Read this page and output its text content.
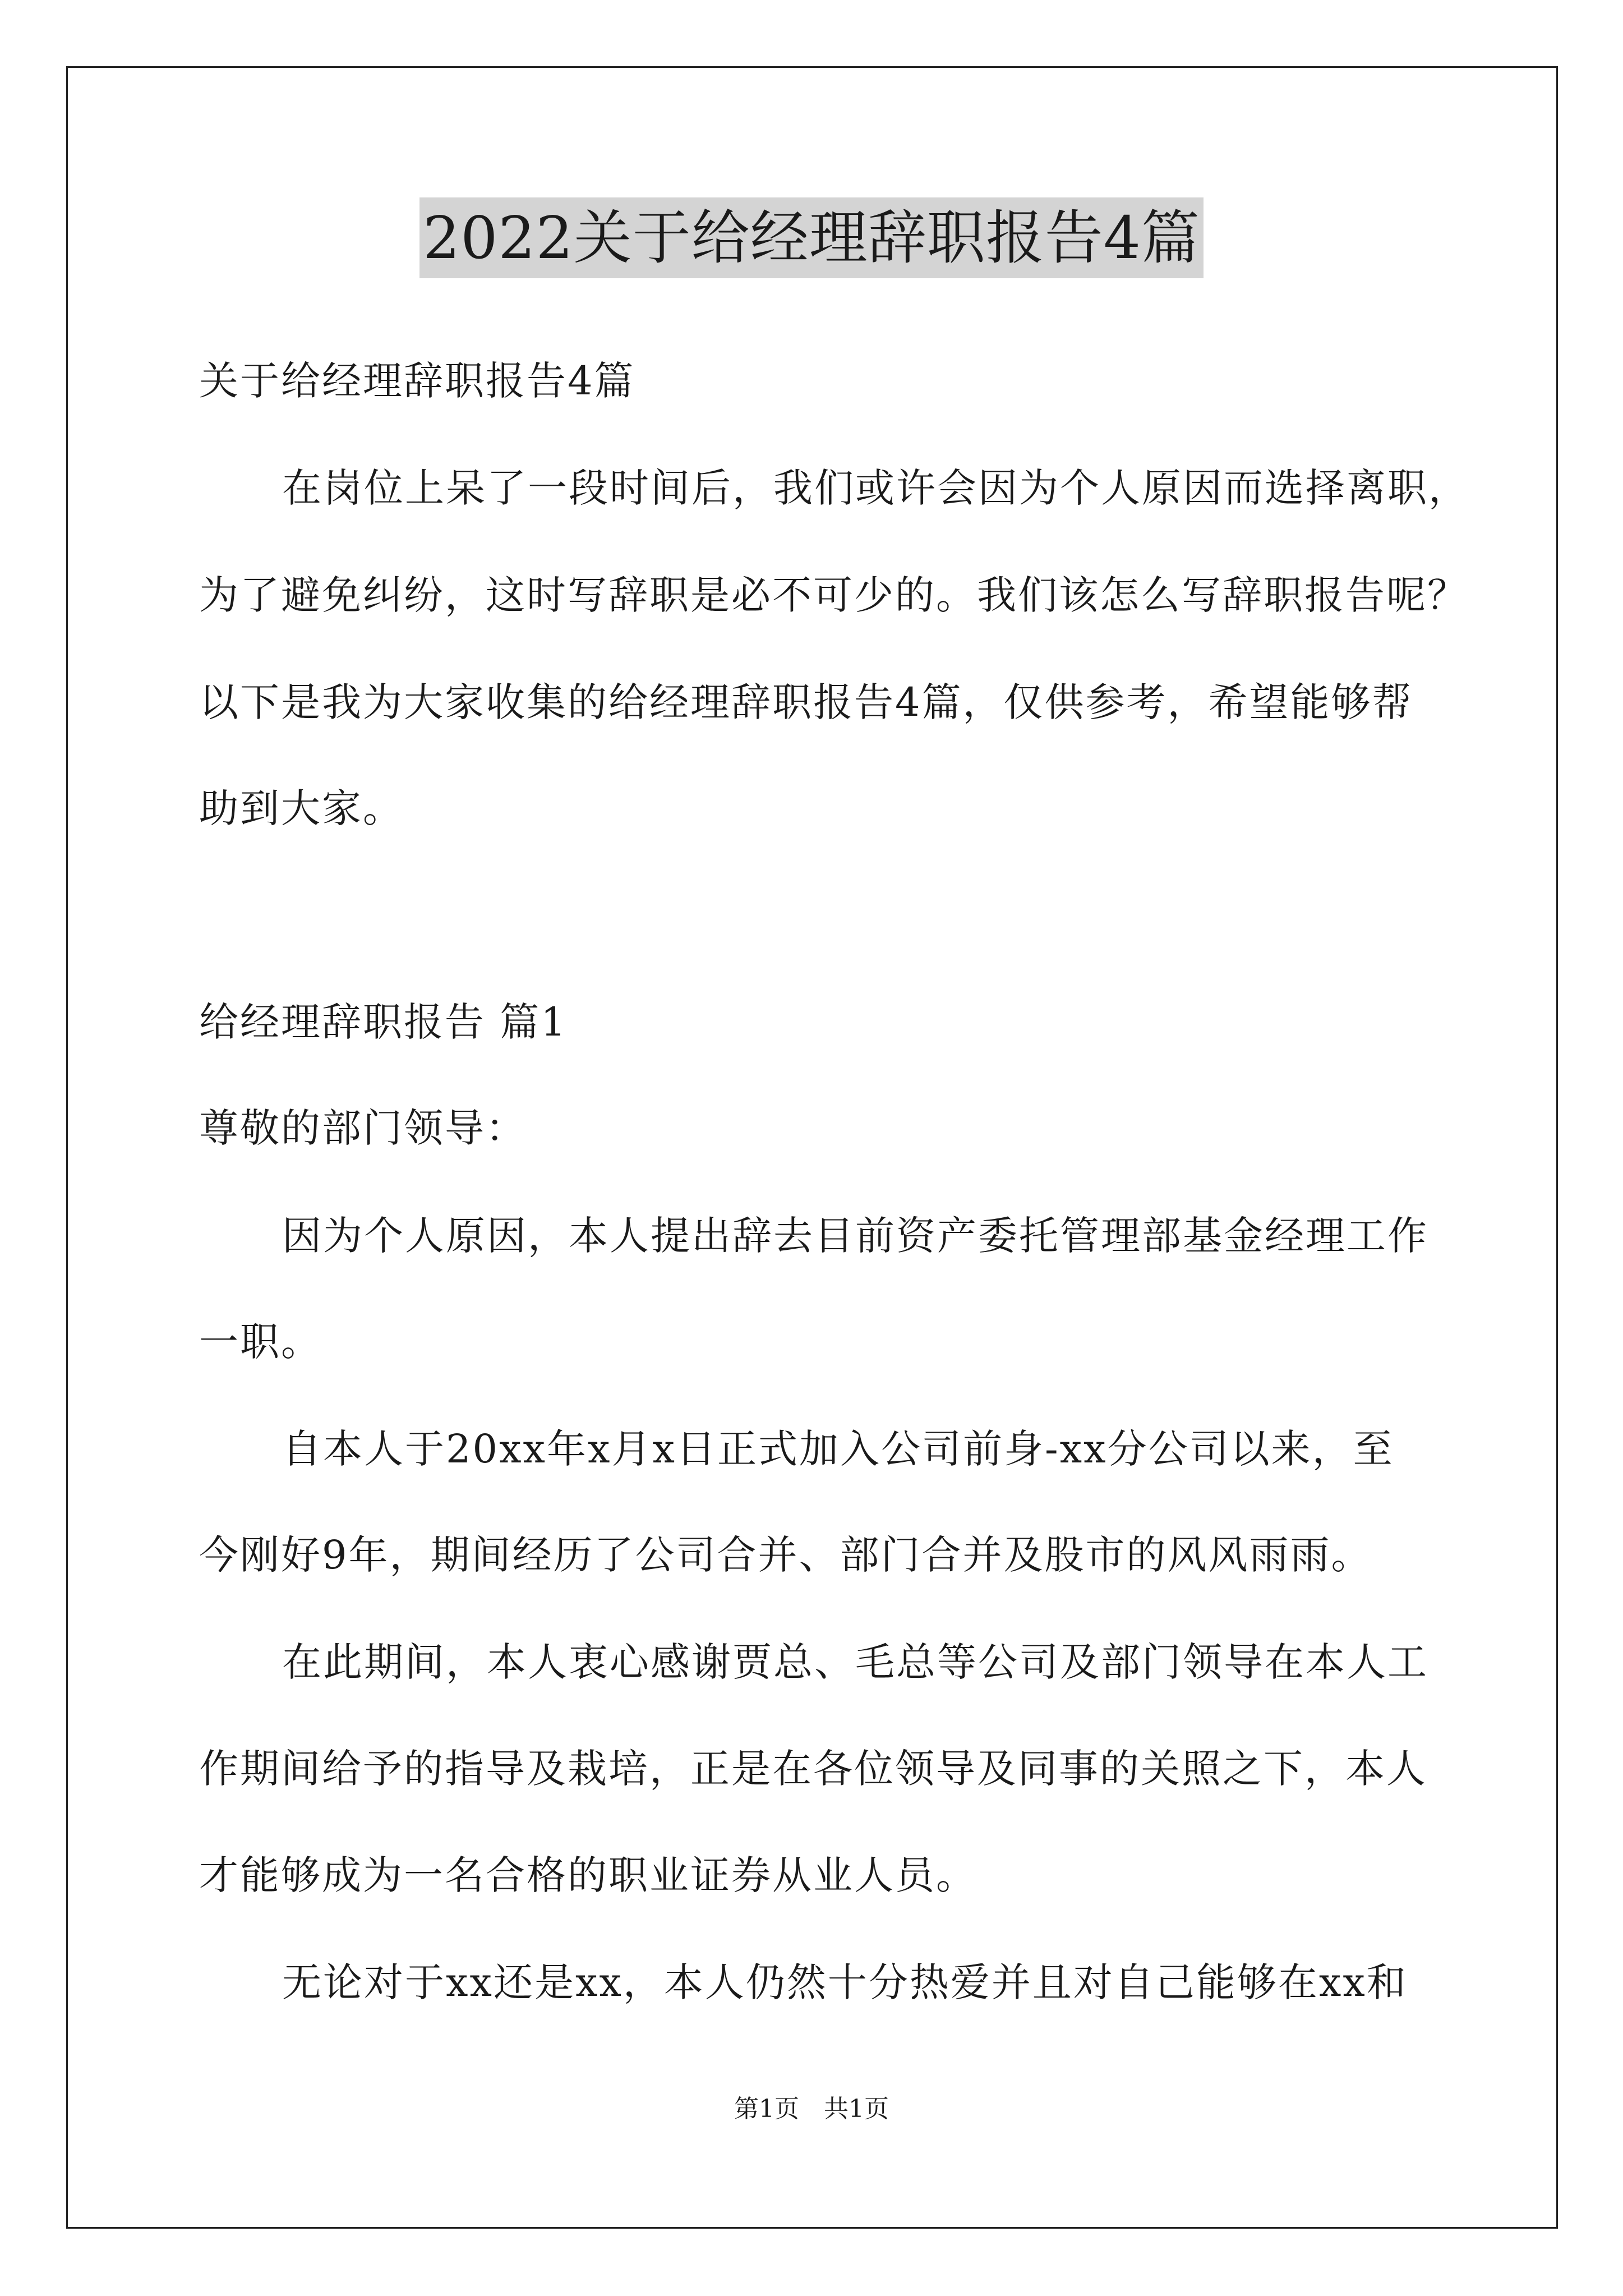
2022关于给经理辞职报告4篇
关于给经理辞职报告4篇
在岗位上呆了一段时间后，我们或许会因为个人原因而选择离职，
为了避免纠纷，这时写辞职是必不可少的。我们该怎么写辞职报告呢？
以下是我为大家收集的给经理辞职报告4篇，仅供参考，希望能够帮
助到大家。
给经理辞职报告 篇1
尊敬的部门领导：
因为个人原因，本人提出辞去目前资产委托管理部基金经理工作
一职。
自本人于20xx年x月x日正式加入公司前身-xx分公司以来，至
今刚好9年，期间经历了公司合并、部门合并及股市的风风雨雨。
在此期间，本人衷心感谢贾总、毛总等公司及部门领导在本人工
作期间给予的指导及栽培，正是在各位领导及同事的关照之下，本人
才能够成为一名合格的职业证券从业人员。
无论对于xx还是xx，本人仍然十分热爱并且对自己能够在xx和
第1页　共1页
